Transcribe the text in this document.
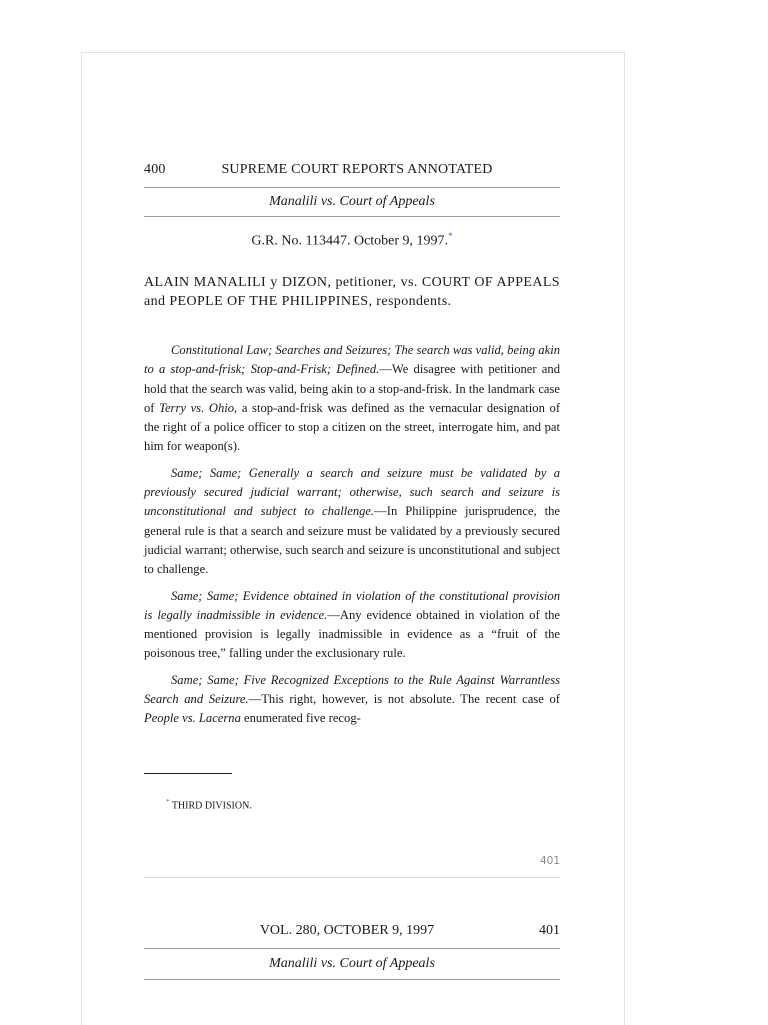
400	SUPREME COURT REPORTS ANNOTATED
Manalili vs. Court of Appeals
G.R. No. 113447. October 9, 1997.*
ALAIN MANALILI y DIZON, petitioner, vs. COURT OF APPEALS and PEOPLE OF THE PHILIPPINES, respondents.

Constitutional Law; Searches and Seizures; The search was valid, being akin to a stop-and-frisk; Stop-and-Frisk; Defined.—We disagree with petitioner and hold that the search was valid, being akin to a stop-and-frisk. In the landmark case of Terry vs. Ohio, a stop-and-frisk was defined as the vernacular designation of the right of a police officer to stop a citizen on the street, interrogate him, and pat him for weapon(s).

Same; Same; Generally a search and seizure must be validated by a previously secured judicial warrant; otherwise, such search and seizure is unconstitutional and subject to challenge.—In Philippine jurisprudence, the general rule is that a search and seizure must be validated by a previously secured judicial warrant; otherwise, such search and seizure is unconstitutional and subject to challenge.

Same; Same; Evidence obtained in violation of the constitutional provision is legally inadmissible in evidence.—Any evidence obtained in violation of the mentioned provision is legally inadmissible in evidence as a “fruit of the poisonous tree,” falling under the exclusionary rule.

Same; Same; Five Recognized Exceptions to the Rule Against Warrantless Search and Seizure.—This right, however, is not absolute. The recent case of People vs. Lacerna enumerated five recog-

* THIRD DIVISION.
401
VOL. 280, OCTOBER 9, 1997	401
Manalili vs. Court of Appeals
